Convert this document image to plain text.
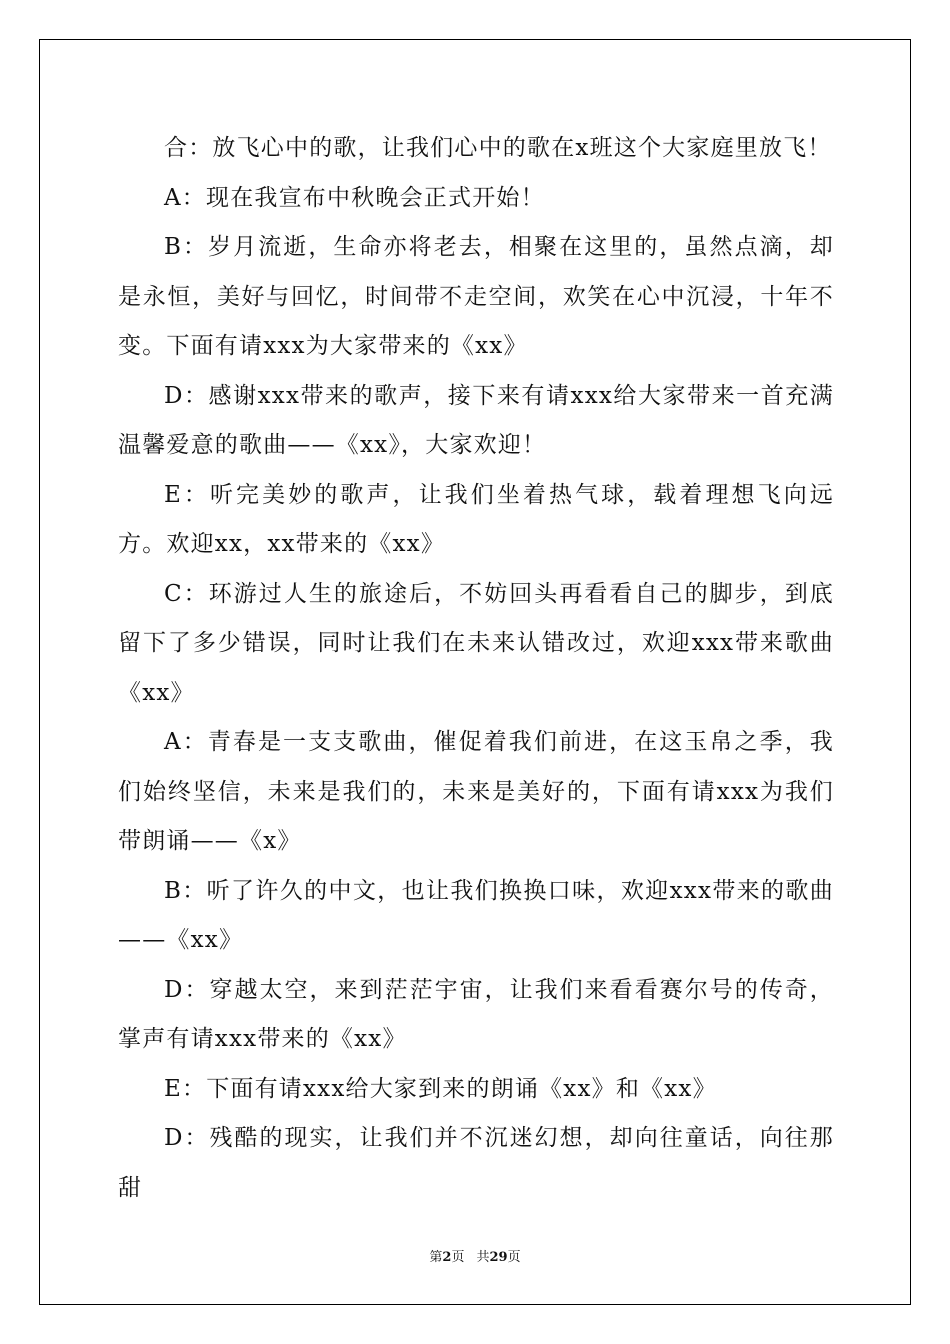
合：放飞心中的歌，让我们心中的歌在x班这个大家庭里放飞！

A：现在我宣布中秋晚会正式开始！

B：岁月流逝，生命亦将老去，相聚在这里的，虽然点滴，却是永恒，美好与回忆，时间带不走空间，欢笑在心中沉浸，十年不变。下面有请xxx为大家带来的《xx》

D：感谢xxx带来的歌声，接下来有请xxx给大家带来一首充满温馨爱意的歌曲——《xx》，大家欢迎！

E：听完美妙的歌声，让我们坐着热气球，载着理想飞向远方。欢迎xx，xx带来的《xx》

C：环游过人生的旅途后，不妨回头再看看自己的脚步，到底留下了多少错误，同时让我们在未来认错改过，欢迎xxx带来歌曲《xx》

A：青春是一支支歌曲，催促着我们前进，在这玉帛之季，我们始终坚信，未来是我们的，未来是美好的，下面有请xxx为我们带朗诵——《x》

B：听了许久的中文，也让我们换换口味，欢迎xxx带来的歌曲——《xx》

D：穿越太空，来到茫茫宇宙，让我们来看看赛尔号的传奇，掌声有请xxx带来的《xx》

E：下面有请xxx给大家到来的朗诵《xx》和《xx》

D：残酷的现实，让我们并不沉迷幻想，却向往童话，向往那甜

第2页 共29页
